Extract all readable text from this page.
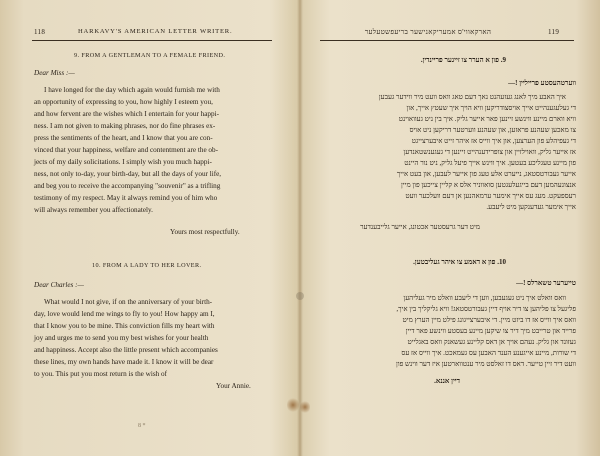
118	HARKAVY'S AMERICAN LETTER WRITER.
9. FROM A GENTLEMAN TO A FEMALE FRIEND.
Dear Miss :—
I have longed for the day which again would furnish me with
an opportunity of expressing to you, how highly I esteem you,
and how fervent are the wishes which I entertain for your happi-
ness. I am not given to making phrases, nor do fine phrases ex-
press the sentiments of the heart, and I know that you are con-
vinced that your happiness, welfare and contentment are the ob-
jects of my daily solicitations. I simply wish you much happi-
ness, not only to-day, your birth-day, but all the days of your life,
and beg you to receive the accompanying "souvenir" as a trifling
testimony of my respect. May it always remind you of him who
will always remember you affectionately.
Yours most respectfully.
10. FROM A LADY TO HER LOVER.
Dear Charles :—
What would I not give, if on the anniversary of your birth-
day, love would lend me wings to fly to you! How happy am I,
that I know you to be mine. This conviction fills my heart with
joy and urges me to send you my best wishes for your health
and happiness. Accept also the little present which accompanies
these lines, my own hands have made it. I know it will be dear
to you. This put you most return is the wish of
Your Annie.
8 *
119
הארקאווי'ס אמעריקאנישער בריעפשטעלער
9. פון א הערר צו זיינער פריינדין.
ווערטהעסטע פרייליין !—
איך האבע מיך לאנג געזעהנט נאך דעם טאג וואס וועט מיר ווידער געבען
די געלעגענהייט אייך אויסצודריקען וויא הויך איך שעטץ אייך, און
וויא ווארם מיינע ווינשע זיינען פאר אייער גליק. איך בין ניט געוואוינט
צו מאכען שעהנע פראזען, און שעהנע ווערטער דריקען ניט אויס
די געפיהלע פון הערצען, און איך ווייס אז איהר זייט איבערצייגט
אז אייער גליק, וואוילזיין און צופרידענהייט זיינען די געגענשטאנדען
פון מיינע טעגליכע בעטען. איך ווינש אייך פיעל גליק, ניט נור היינט
אייער געבורטסטאג, נייערט אלע טעג פון אייער לעבען, און בעט אייך
אנצונעהמען דעם בייגעלעגטען סואווניר אלס א קליין צייכען פון מיין
רעספעקט. מעג עס אייך אימער ערמאהנען אן דעם וועלכער וועט
אייך אימער געדענקען מיט ליעבע.
מיט דער גרעסטער אכטונג, אייער גלייבענדער
10. פון א דאמע צו איהר געליבטען.
טייערער טשארלס !—
וואס וואלט איך ניט געגעבען, ווען די ליעבע וואלט מיר געליהען
פליגעל צו פליהען צו דיר אויף דיין געבורטסטאג! וויא גליקליך בין איך,
וואס איך ווייס אז דו ביזט מיין. די איבערצייגונג פילט מיין הערץ מיט
פרייד און טרייבט מיך דיר צו שיקען מיינע בעסטע ווינשע פאר דיין
געזונד און גליק. נעהם אויך אן דאס קליינע געשאנק וואס באגלייט
די שורות, מיינע אייגענע הענד האבען עס געמאכט. איך ווייס אז עס
וועט דיר זיין טייער. דאס דו זאלסט מיר ענטווארטען איז דער ווינש פון
דיין אננא.
